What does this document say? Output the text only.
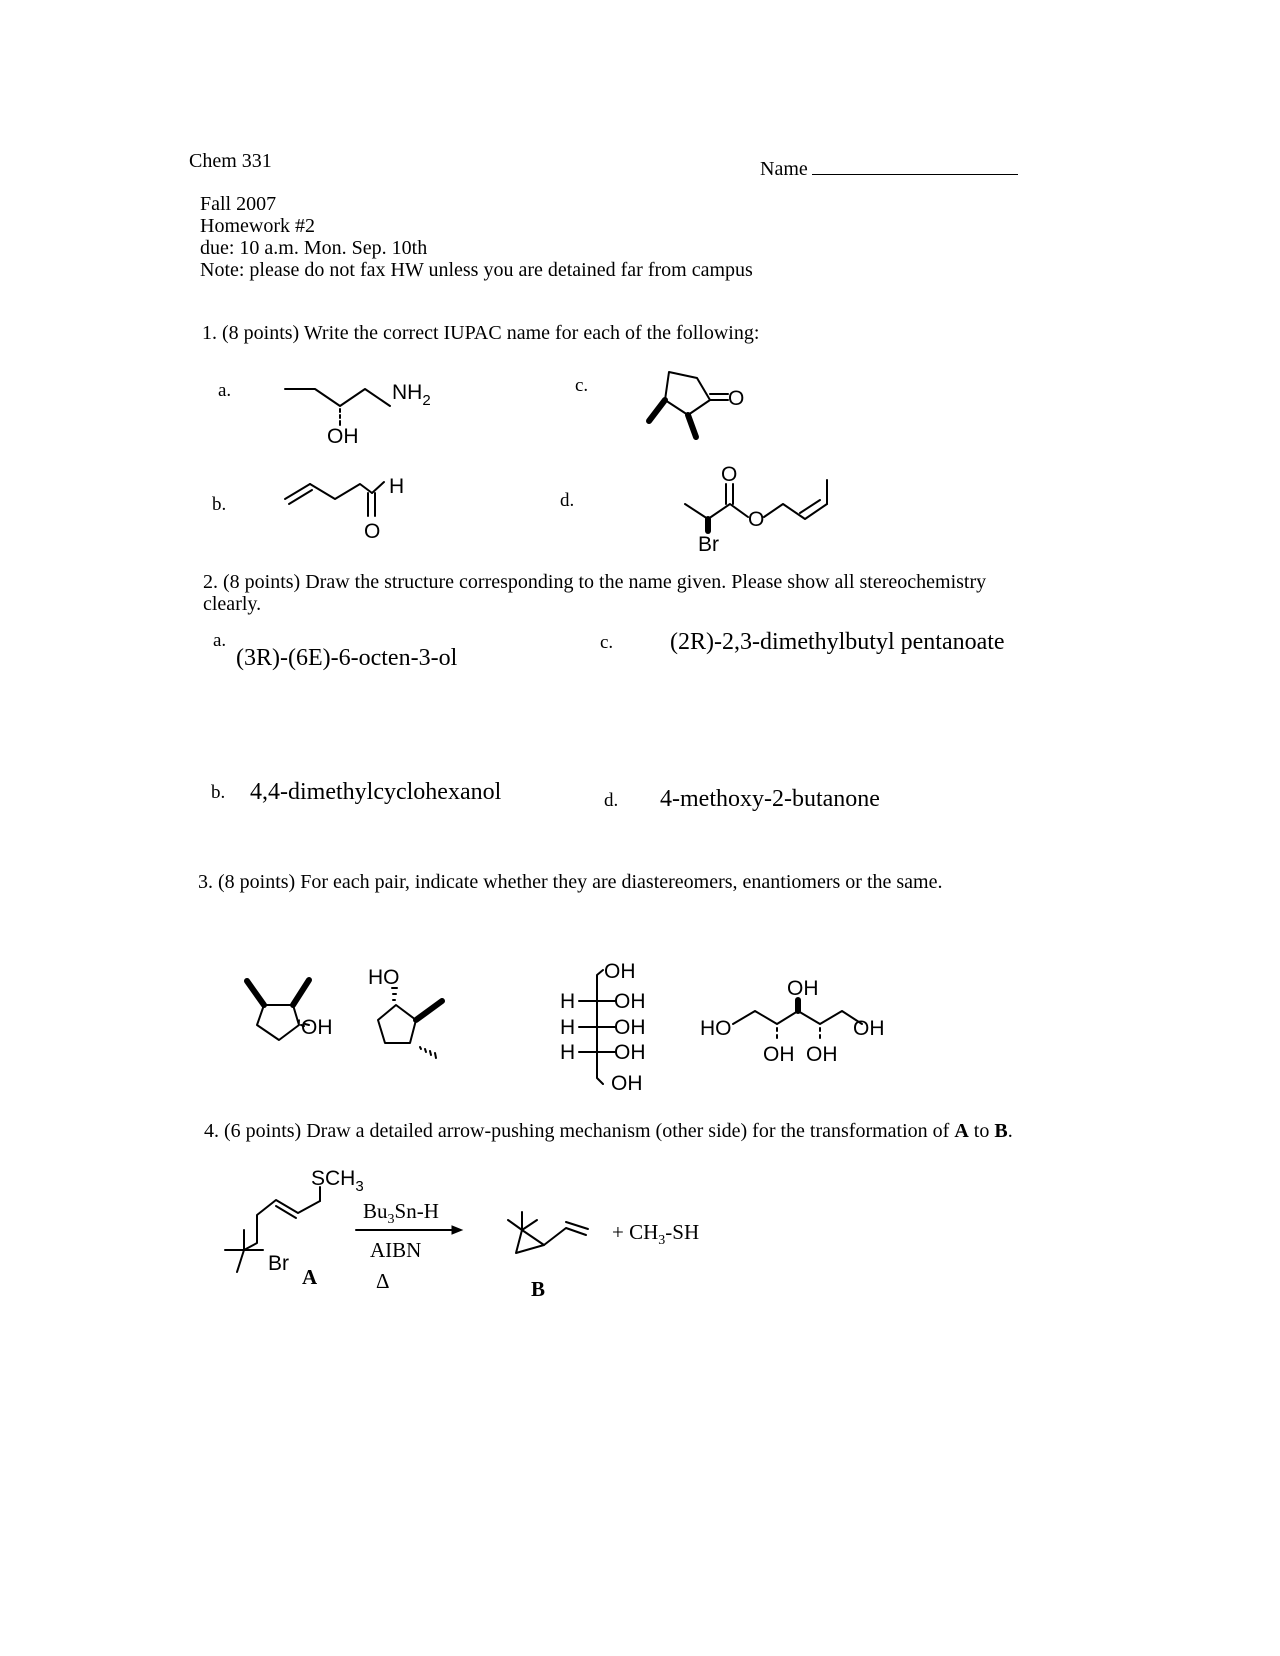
Chem 331	Name
Fall 2007
Homework #2
due: 10 a.m. Mon. Sep. 10th
Note: please do not fax HW unless you are detained far from campus
1. (8 points) Write the correct IUPAC name for each of the following:
a.
b.
c.
d.
$NH_2$
OH
H
O
O
O
O
Br
2. (8 points) Draw the structure corresponding to the name given. Please show all stereochemistry
clearly.
a.
(3R)-(6E)-6-octen-3-ol
b. 4,4-dimethylcyclohexanol
c. (2R)-2,3-dimethylbutyl pentanoate
d. 4-methoxy-2-butanone
3. (8 points) For each pair, indicate whether they are diastereomers, enantiomers or the same.
'OH
HO	OH
H OH
H OH
H OH
OH
HO
OH
OH OH
OH
4. (6 points) Draw a detailed arrow-pushing mechanism (other side) for the transformation of A to B.
$SCH_3$
Br
A
$Bu_3Sn-H$
AIBN
Δ	B
+ $CH_3-SH$
